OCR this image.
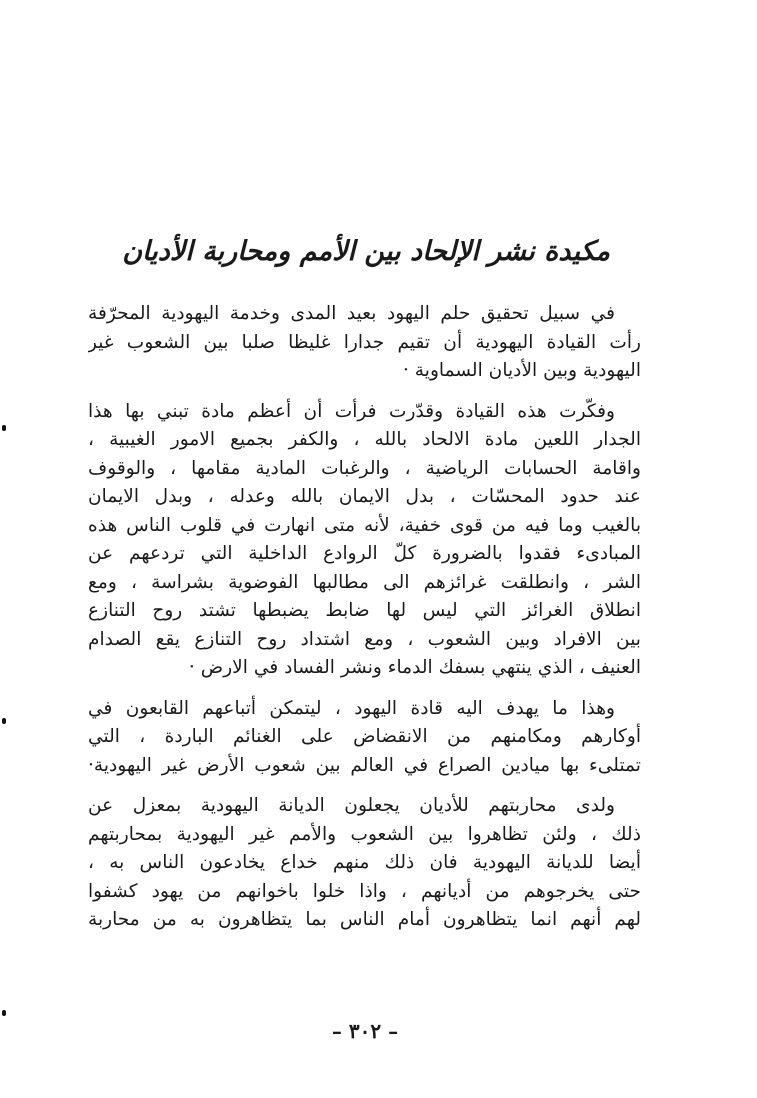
مكيدة نشر الإلحاد بين الأمم ومحاربة الأديان
في سبيل تحقيق حلم اليهود بعيد المدى وخدمة اليهودية المحرّفة
رأت القيادة اليهودية أن تقيم جدارا غليظا صلبا بين الشعوب غير
اليهودية وبين الأديان السماوية ·
وفكّرت هذه القيادة وقدّرت فرأت أن أعظم مادة تبني بها هذا
الجدار اللعين مادة الالحاد بالله ، والكفر بجميع الامور الغيبية ،
واقامة الحسابات الرياضية ، والرغبات المادية مقامها ، والوقوف
عند حدود المحسّات ، بدل الايمان بالله وعدله ، وبدل الايمان
بالغيب وما فيه من قوى خفية، لأنه متى انهارت في قلوب الناس هذه
المبادىء فقدوا بالضرورة كلّ الروادع الداخلية التي تردعهم عن
الشر ، وانطلقت غرائزهم الى مطالبها الفوضوية بشراسة ، ومع
انطلاق الغرائز التي ليس لها ضابط يضبطها تشتد روح التنازع
بين الافراد وبين الشعوب ، ومع اشتداد روح التنازع يقع الصدام
العنيف ، الذي ينتهي بسفك الدماء ونشر الفساد في الارض ·
وهذا ما يهدف اليه قادة اليهود ، ليتمكن أتباعهم القابعون في
أوكارهم ومكامنهم من الانقضاض على الغنائم الباردة ، التي
تمتلىء بها ميادين الصراع في العالم بين شعوب الأرض غير اليهودية·
ولدى محاربتهم للأديان يجعلون الديانة اليهودية بمعزل عن
ذلك ، ولئن تظاهروا بين الشعوب والأمم غير اليهودية بمحاربتهم
أيضا للديانة اليهودية فان ذلك منهم خداع يخادعون الناس به ،
حتى يخرجوهم من أديانهم ، واذا خلوا باخوانهم من يهود كشفوا
لهم أنهم انما يتظاهرون أمام الناس بما يتظاهرون به من محاربة
– ٣٠٢ –
